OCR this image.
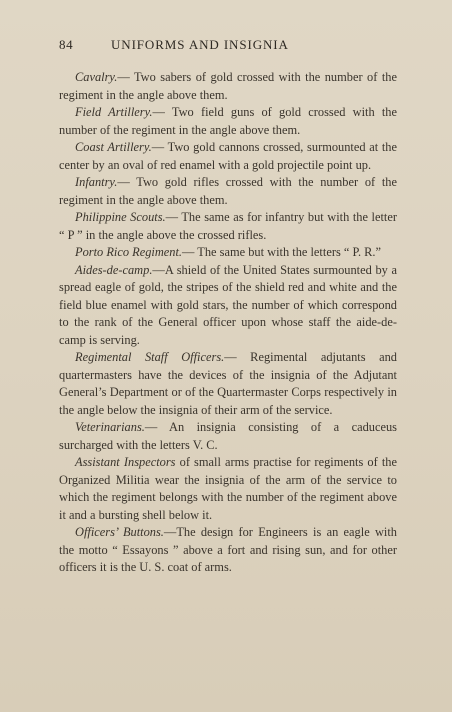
84	UNIFORMS AND INSIGNIA

Cavalry.— Two sabers of gold crossed with the number of the regiment in the angle above them.

Field Artillery.— Two field guns of gold crossed with the number of the regiment in the angle above them.

Coast Artillery.— Two gold cannons crossed, surmounted at the center by an oval of red enamel with a gold projectile point up.

Infantry.— Two gold rifles crossed with the number of the regiment in the angle above them.

Philippine Scouts.— The same as for infantry but with the letter “ P ” in the angle above the crossed rifles.

Porto Rico Regiment.— The same but with the letters “ P. R.”

Aides-de-camp.—A shield of the United States surmounted by a spread eagle of gold, the stripes of the shield red and white and the field blue enamel with gold stars, the number of which correspond to the rank of the General officer upon whose staff the aide-de-camp is serving.

Regimental Staff Officers.— Regimental adjutants and quartermasters have the devices of the insignia of the Adjutant General’s Department or of the Quartermaster Corps respectively in the angle below the insignia of their arm of the service.

Veterinarians.— An insignia consisting of a caduceus surcharged with the letters V. C.

Assistant Inspectors of small arms practise for regiments of the Organized Militia wear the insignia of the arm of the service to which the regiment belongs with the number of the regiment above it and a bursting shell below it.

Officers’ Buttons.—The design for Engineers is an eagle with the motto “ Essayons ” above a fort and rising sun, and for other officers it is the U. S. coat of arms.
